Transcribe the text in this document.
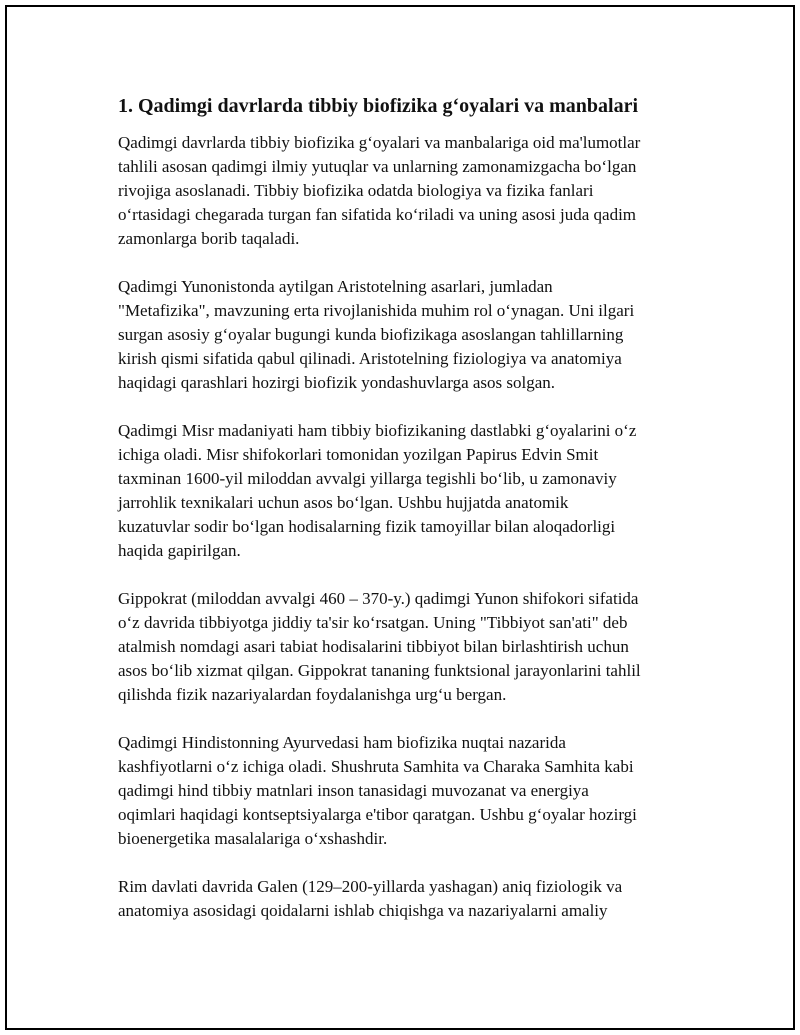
1. Qadimgi davrlarda tibbiy biofizika g‘oyalari va manbalari

Qadimgi davrlarda tibbiy biofizika g‘oyalari va manbalariga oid ma'lumotlar
tahlili asosan qadimgi ilmiy yutuqlar va unlarning zamonamizgacha bo‘lgan
rivojiga asoslanadi. Tibbiy biofizika odatda biologiya va fizika fanlari
o‘rtasidagi chegarada turgan fan sifatida ko‘riladi va uning asosi juda qadim
zamonlarga borib taqaladi.

Qadimgi Yunonistonda aytilgan Aristotelning asarlari, jumladan
"Metafizika", mavzuning erta rivojlanishida muhim rol o‘ynagan. Uni ilgari
surgan asosiy g‘oyalar bugungi kunda biofizikaga asoslangan tahlillarning
kirish qismi sifatida qabul qilinadi. Aristotelning fiziologiya va anatomiya
haqidagi qarashlari hozirgi biofizik yondashuvlarga asos solgan.

Qadimgi Misr madaniyati ham tibbiy biofizikaning dastlabki g‘oyalarini o‘z
ichiga oladi. Misr shifokorlari tomonidan yozilgan Papirus Edvin Smit
taxminan 1600-yil miloddan avvalgi yillarga tegishli bo‘lib, u zamonaviy
jarrohlik texnikalari uchun asos bo‘lgan. Ushbu hujjatda anatomik
kuzatuvlar sodir bo‘lgan hodisalarning fizik tamoyillar bilan aloqadorligi
haqida gapirilgan.

Gippokrat (miloddan avvalgi 460 – 370-y.) qadimgi Yunon shifokori sifatida
o‘z davrida tibbiyotga jiddiy ta'sir ko‘rsatgan. Uning "Tibbiyot san'ati" deb
atalmish nomdagi asari tabiat hodisalarini tibbiyot bilan birlashtirish uchun
asos bo‘lib xizmat qilgan. Gippokrat tananing funktsional jarayonlarini tahlil
qilishda fizik nazariyalardan foydalanishga urg‘u bergan.

Qadimgi Hindistonning Ayurvedasi ham biofizika nuqtai nazarida
kashfiyotlarni o‘z ichiga oladi. Shushruta Samhita va Charaka Samhita kabi
qadimgi hind tibbiy matnlari inson tanasidagi muvozanat va energiya
oqimlari haqidagi kontseptsiyalarga e'tibor qaratgan. Ushbu g‘oyalar hozirgi
bioenergetika masalalariga o‘xshashdir.

Rim davlati davrida Galen (129–200-yillarda yashagan) aniq fiziologik va
anatomiya asosidagi qoidalarni ishlab chiqishga va nazariyalarni amaliy
